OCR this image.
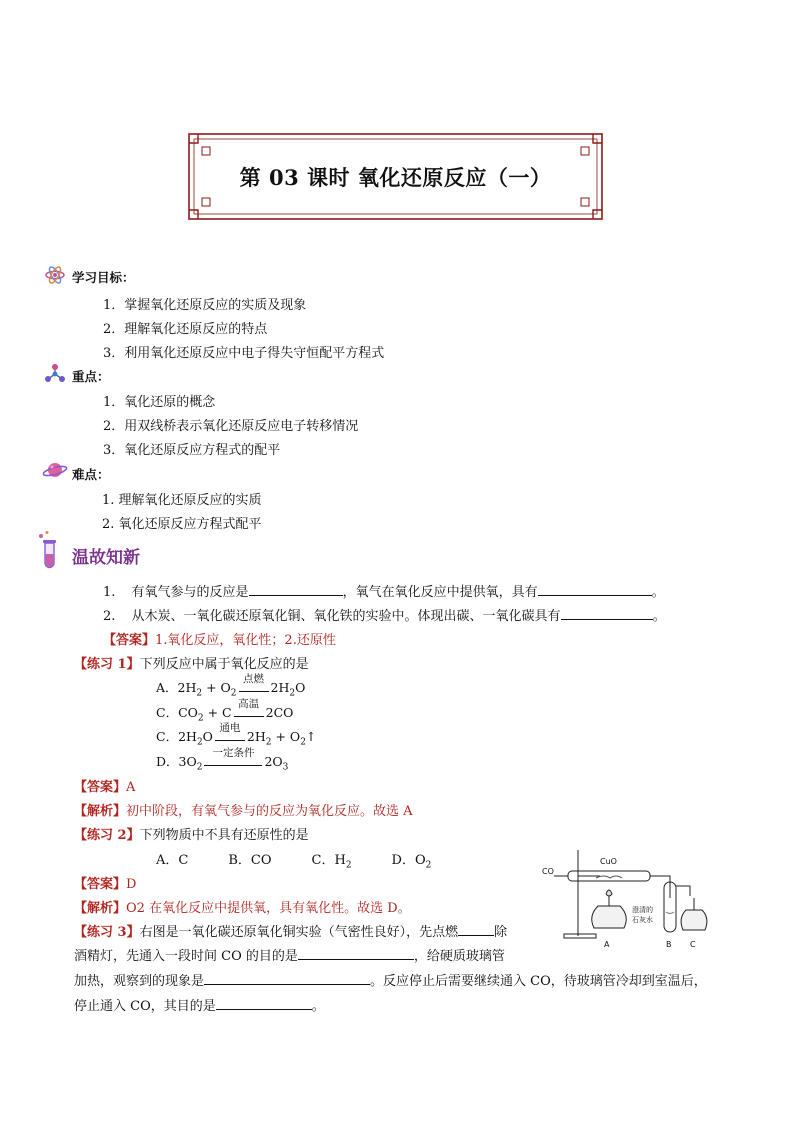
第 03 课时 氧化还原反应（一）
学习目标：
1．掌握氧化还原反应的实质及现象
2．理解氧化还原反应的特点
3．利用氧化还原反应中电子得失守恒配平方程式
重点：
1．氧化还原的概念
2．用双线桥表示氧化还原反应电子转移情况
3．氧化还原反应方程式的配平
难点：
1. 理解氧化还原反应的实质
2. 氧化还原反应方程式配平
温故知新
1. 有氧气参与的反应是	，氧气在氧化反应中提供氧，具有	。
2. 从木炭、一氧化碳还原氧化铜、氧化铁的实验中。体现出碳、一氧化碳具有	。
【答案】1.氧化反应，氧化性；2.还原性
【练习 1】下列反应中属于氧化反应的是
A．$2H_2 + O_2$
点燃
$2H_2O$
C．$CO_2 + C$
高温
2CO
C．$2H_2O$
通电
$2H_2$ + $O_2↑$
D．$3O_2$
一定条件
$2O_3$
【答案】A
【解析】初中阶段，有氧气参与的反应为氧化反应。故选 A
【练习 2】下列物质中不具有还原性的是
A．C	B．CO	C．$H_2$	D．$O_2$
【答案】D
【解析】O2 在氧化反应中提供氧，具有氧化性。故选 D。
【练习 3】右图是一氧化碳还原氧化铜实验（气密性良好），先点燃	除
酒精灯，先通入一段时间 CO 的目的是	，给硬质玻璃管
加热，观察到的现象是	。反应停止后需要继续通入 CO，待玻璃管冷却到室温后，
停止通入 CO，其目的是	。
CO
CuO
澄清的
石灰水
A	B C
